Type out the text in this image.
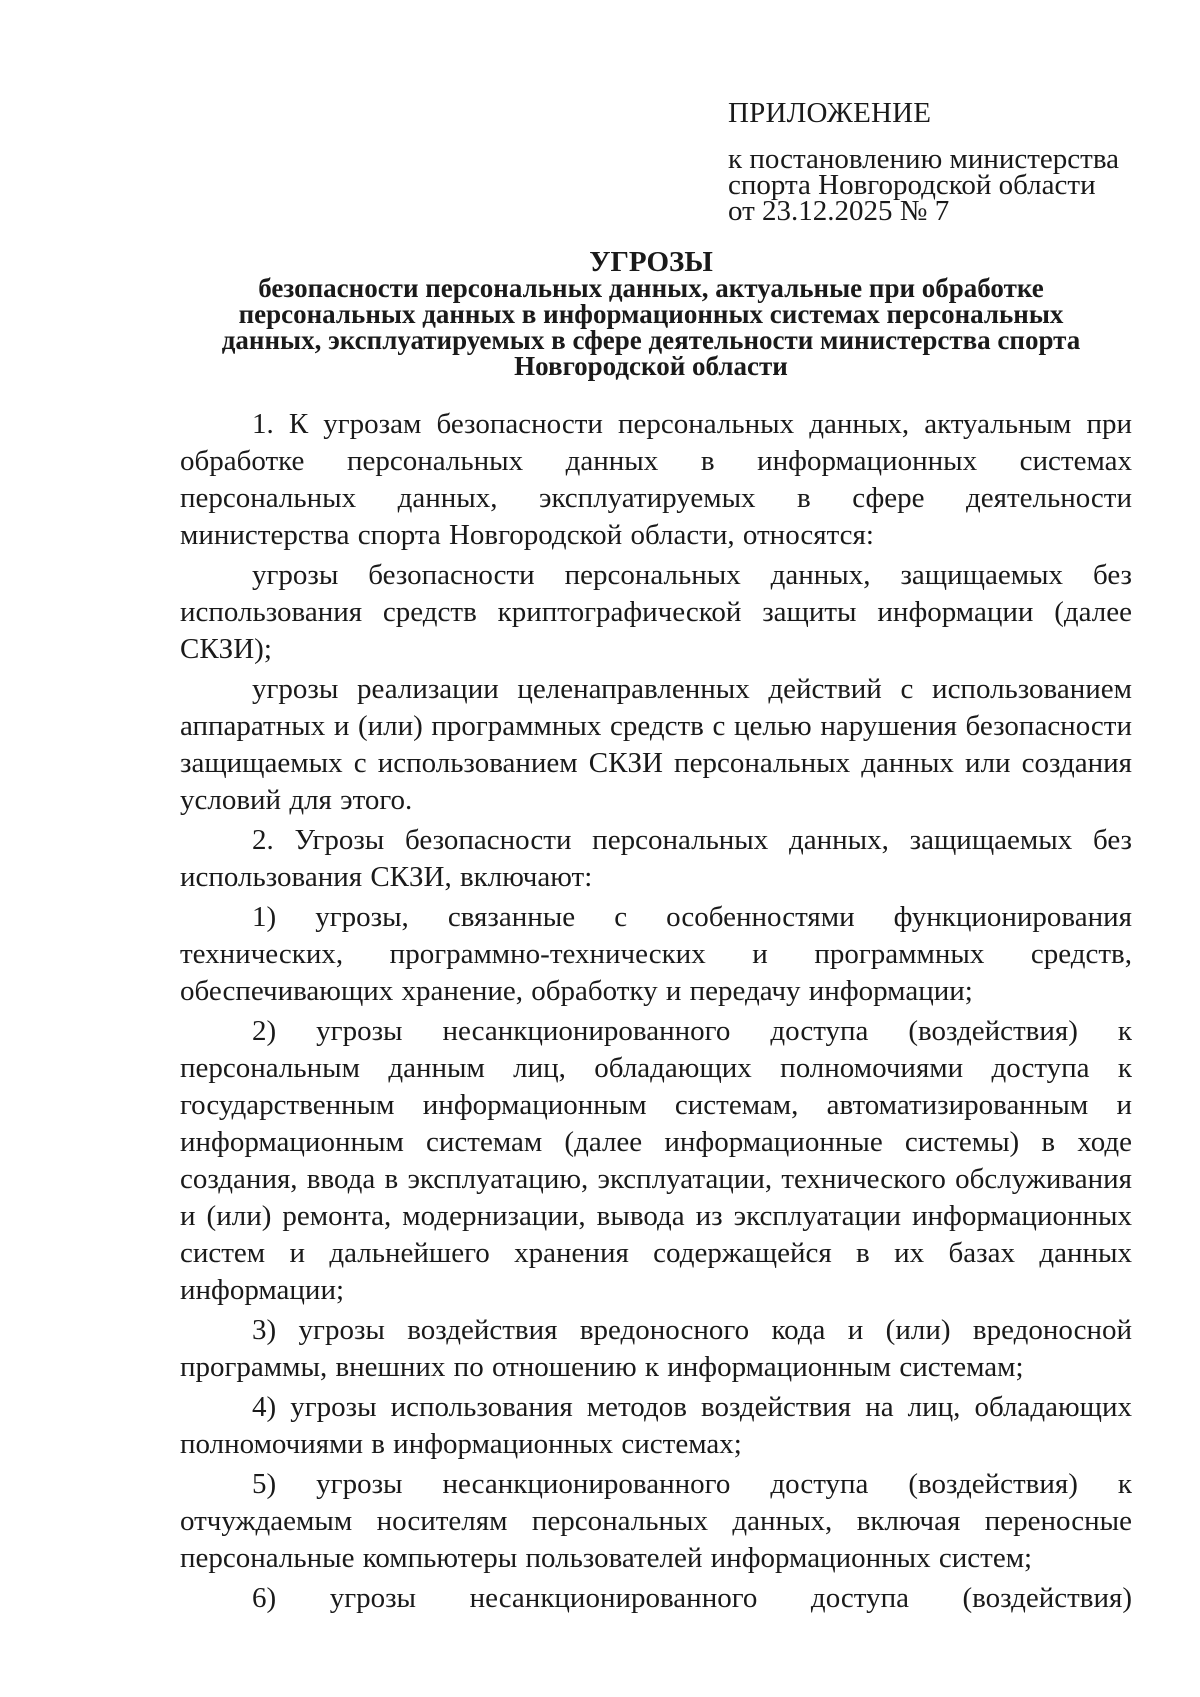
ПРИЛОЖЕНИЕ
к постановлению министерства
спорта Новгородской области
от 23.12.2025 № 7
УГРОЗЫ
безопасности персональных данных, актуальные при обработке
персональных данных в информационных системах персональных
данных, эксплуатируемых в сфере деятельности министерства спорта
Новгородской области

1. К угрозам безопасности персональных данных, актуальным при обработке персональных данных в информационных системах персональных данных, эксплуатируемых в сфере деятельности министерства спорта Новгородской области, относятся:

угрозы безопасности персональных данных, защищаемых без использования средств криптографической защиты информации (далее СКЗИ);

угрозы реализации целенаправленных действий с использованием аппаратных и (или) программных средств с целью нарушения безопасности защищаемых с использованием СКЗИ персональных данных или создания условий для этого.

2. Угрозы безопасности персональных данных, защищаемых без использования СКЗИ, включают:

1) угрозы, связанные с особенностями функционирования технических, программно-технических и программных средств, обеспечивающих хранение, обработку и передачу информации;

2) угрозы несанкционированного доступа (воздействия) к персональным данным лиц, обладающих полномочиями доступа к государственным информационным системам, автоматизированным и информационным системам (далее информационные системы) в ходе создания, ввода в эксплуатацию, эксплуатации, технического обслуживания и (или) ремонта, модернизации, вывода из эксплуатации информационных систем и дальнейшего хранения содержащейся в их базах данных информации;

3) угрозы воздействия вредоносного кода и (или) вредоносной программы, внешних по отношению к информационным системам;

4) угрозы использования методов воздействия на лиц, обладающих полномочиями в информационных системах;

5) угрозы несанкционированного доступа (воздействия) к отчуждаемым носителям персональных данных, включая переносные персональные компьютеры пользователей информационных систем;

6) угрозы несанкционированного доступа (воздействия)
